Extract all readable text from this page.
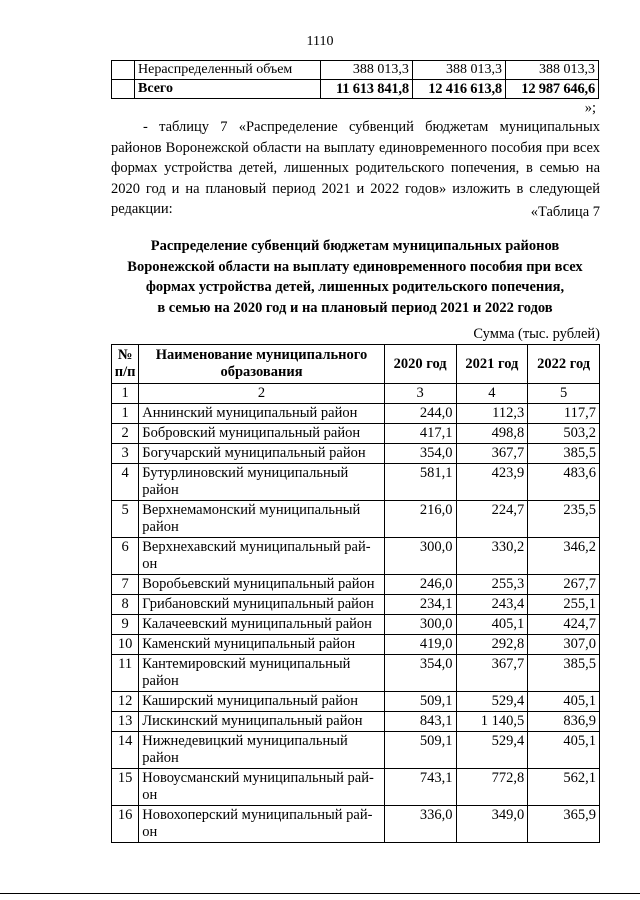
1110
	Нераспределенный объем	388 013,3	388 013,3	388 013,3
	Всего	11 613 841,8	12 416 613,8	12 987 646,6
»;
- таблицу 7 «Распределение субвенций бюджетам муниципальных районов Воронежской области на выплату единовременного пособия при всех формах устройства детей, лишенных родительского попечения, в семью на 2020 год и на плановый период 2021 и 2022 годов» изложить в следующей редакции:	«Таблица 7
Распределение субвенций бюджетам муниципальных районов
Воронежской области на выплату единовременного пособия при всех
формах устройства детей, лишенных родительского попечения,
в семью на 2020 год и на плановый период 2021 и 2022 годов
Сумма (тыс. рублей)
№ п/п	Наименование муниципального образования	2020 год	2021 год	2022 год
1	2	3	4	5
1	Аннинский муниципальный район	244,0	112,3	117,7
2	Бобровский муниципальный район	417,1	498,8	503,2
3	Богучарский муниципальный район	354,0	367,7	385,5
4	Бутурлиновский муниципальный район	581,1	423,9	483,6
5	Верхнемамонский муниципальный район	216,0	224,7	235,5
6	Верхнехавский муниципальный рай-он	300,0	330,2	346,2
7	Воробьевский муниципальный район	246,0	255,3	267,7
8	Грибановский муниципальный район	234,1	243,4	255,1
9	Калачеевский муниципальный район	300,0	405,1	424,7
10	Каменский муниципальный район	419,0	292,8	307,0
11	Кантемировский муниципальный район	354,0	367,7	385,5
12	Каширский муниципальный район	509,1	529,4	405,1
13	Лискинский муниципальный район	843,1	1 140,5	836,9
14	Нижнедевицкий муниципальный район	509,1	529,4	405,1
15	Новоусманский муниципальный рай-он	743,1	772,8	562,1
16	Новохоперский муниципальный рай-он	336,0	349,0	365,9
